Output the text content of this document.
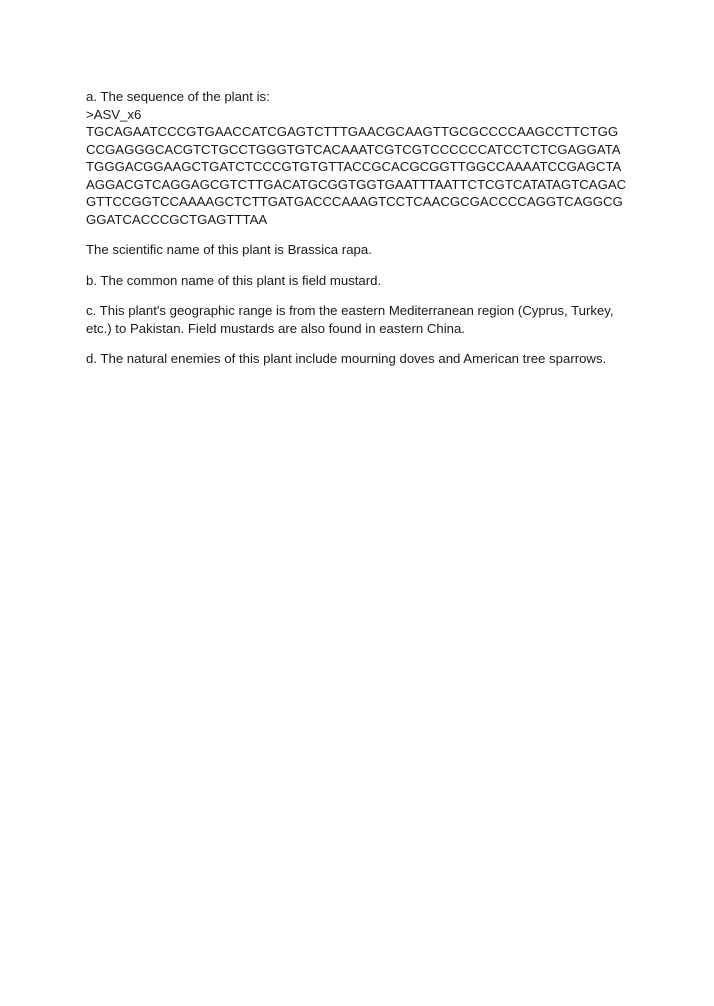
a. The sequence of the plant is:
>ASV_x6
TGCAGAATCCCGTGAACCATCGAGTCTTTGAACGCAAGTTGCGCCCCAAGCCTTCTGG
CCGAGGGCACGTCTGCCTGGGTGTCACAAATCGTCGTCCCCCCATCCTCTCGAGGATA
TGGGACGGAAGCTGATCTCCCGTGTGTTACCGCACGCGGTTGGCCAAAATCCGAGCTA
AGGACGTCAGGAGCGTCTTGACATGCGGTGGTGAATTTAATTCTCGTCATATAGTCAGAC
GTTCCGGTCCAAAAGCTCTTGATGACCCAAAGTCCTCAACGCGACCCCAGGTCAGGCG
GGATCACCCGCTGAGTTTAA
The scientific name of this plant is Brassica rapa.
b. The common name of this plant is field mustard.
c. This plant's geographic range is from the eastern Mediterranean region (Cyprus, Turkey,
etc.) to Pakistan. Field mustards are also found in eastern China.
d. The natural enemies of this plant include mourning doves and American tree sparrows.
